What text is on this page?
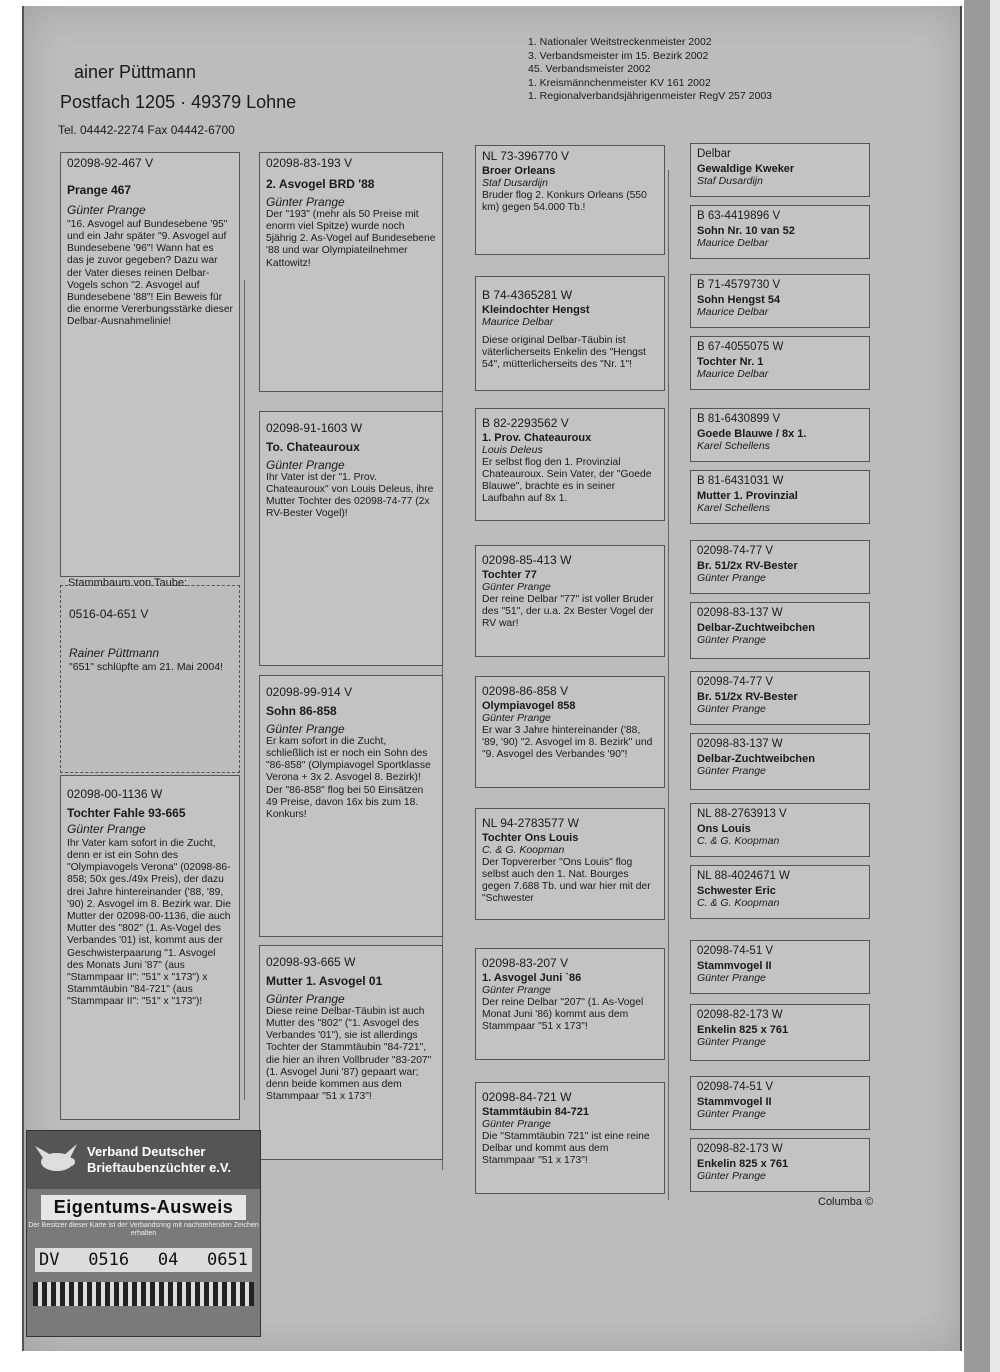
ainer Püttmann
Postfach 1205 · 49379 Lohne
Tel. 04442-2274 Fax 04442-6700
1. Nationaler Weitstreckenmeister 2002
3. Verbandsmeister im 15. Bezirk 2002
45. Verbandsmeister 2002
1. Kreismännchenmeister KV 161 2002
1. Regionalverbandsjährigenmeister RegV 257 2003
02098-92-467 V
Prange 467
Günter Prange
"16. Asvogel auf Bundesebene '95" und ein Jahr später "9. Asvogel auf Bundesebene '96"! Wann hat es das je zuvor gegeben? Dazu war der Vater dieses reinen Delbar-Vogels schon "2. Asvogel auf Bundesebene '88"! Ein Beweis für die enorme Vererbungsstärke dieser Delbar-Ausnahmelinie!
Stammbaum von Taube:
0516-04-651 V
Rainer Püttmann
"651" schlüpfte am 21. Mai 2004!
02098-00-1136 W
Tochter Fahle 93-665
Günter Prange
Ihr Vater kam sofort in die Zucht, denn er ist ein Sohn des "Olympiavogels Verona" (02098-86-858; 50x ges./49x Preis), der dazu drei Jahre hintereinander ('88, '89, '90) 2. Asvogel im 8. Bezirk war. Die Mutter der 02098-00-1136, die auch Mutter des "802" (1. As-Vogel des Verbandes '01) ist, kommt aus der Geschwisterpaarung "1. Asvogel des Monats Juni '87" (aus "Stammpaar II": "51" x "173") x Stammtäubin "84-721" (aus "Stammpaar II": "51" x "173")!
02098-83-193 V
2. Asvogel BRD '88
Günter Prange
Der "193" (mehr als 50 Preise mit enorm viel Spitze) wurde noch 5jährig 2. As-Vogel auf Bundesebene '88 und war Olympiateilnehmer Kattowitz!
02098-91-1603 W
To. Chateauroux
Günter Prange
Ihr Vater ist der "1. Prov. Chateauroux" von Louis Deleus, ihre Mutter Tochter des 02098-74-77 (2x RV-Bester Vogel)!
02098-99-914 V
Sohn 86-858
Günter Prange
Er kam sofort in die Zucht, schließlich ist er noch ein Sohn des "86-858" (Olympiavogel Sportklasse Verona + 3x 2. Asvogel 8. Bezirk)! Der "86-858" flog bei 50 Einsätzen 49 Preise, davon 16x bis zum 18. Konkurs!
02098-93-665 W
Mutter 1. Asvogel 01
Günter Prange
Diese reine Delbar-Täubin ist auch Mutter des "802" ("1. Asvogel des Verbandes '01"), sie ist allerdings Tochter der Stammtäubin "84-721", die hier an ihren Vollbruder "83-207" (1. Asvogel Juni '87) gepaart war; denn beide kommen aus dem Stammpaar "51 x 173"!
NL 73-396770 V
Broer Orleans
Staf Dusardijn
Bruder flog 2. Konkurs Orleans (550 km) gegen 54.000 Tb.!
B 74-4365281 W
Kleindochter Hengst
Maurice Delbar
Diese original Delbar-Täubin ist väterlicherseits Enkelin des "Hengst 54", mütterlicherseits des "Nr. 1"!
B 82-2293562 V
1. Prov. Chateauroux
Louis Deleus
Er selbst flog den 1. Provinzial Chateauroux. Sein Vater, der "Goede Blauwe", brachte es in seiner Laufbahn auf 8x 1.
02098-85-413 W
Tochter 77
Günter Prange
Der reine Delbar "77" ist voller Bruder des "51", der u.a. 2x Bester Vogel der RV war!
02098-86-858 V
Olympiavogel 858
Günter Prange
Er war 3 Jahre hintereinander ('88, '89, '90) "2. Asvogel im 8. Bezirk" und "9. Asvogel des Verbandes '90"!
NL 94-2783577 W
Tochter Ons Louis
C. & G. Koopman
Der Topvererber "Ons Louis" flog selbst auch den 1. Nat. Bourges gegen 7.688 Tb. und war hier mit der "Schwester
02098-83-207 V
1. Asvogel Juni `86
Günter Prange
Der reine Delbar "207" (1. As-Vogel Monat Juni '86) kommt aus dem Stammpaar "51 x 173"!
02098-84-721 W
Stammtäubin 84-721
Günter Prange
Die "Stammtäubin 721" ist eine reine Delbar und kommt aus dem Stammpaar "51 x 173"!
Delbar
Gewaldige Kweker
Staf Dusardijn
B 63-4419896 V
Sohn Nr. 10 van 52
Maurice Delbar
B 71-4579730 V
Sohn Hengst 54
Maurice Delbar
B 67-4055075 W
Tochter Nr. 1
Maurice Delbar
B 81-6430899 V
Goede Blauwe / 8x 1.
Karel Schellens
B 81-6431031 W
Mutter 1. Provinzial
Karel Schellens
02098-74-77 V
Br. 51/2x RV-Bester
Günter Prange
02098-83-137 W
Delbar-Zuchtweibchen
Günter Prange
02098-74-77 V
Br. 51/2x RV-Bester
Günter Prange
02098-83-137 W
Delbar-Zuchtweibchen
Günter Prange
NL 88-2763913 V
Ons Louis
C. & G. Koopman
NL 88-4024671 W
Schwester Eric
C. & G. Koopman
02098-74-51 V
Stammvogel II
Günter Prange
02098-82-173 W
Enkelin 825 x 761
Günter Prange
02098-74-51 V
Stammvogel II
Günter Prange
02098-82-173 W
Enkelin 825 x 761
Günter Prange
Verband Deutscher
Brieftaubenzüchter e.V.
Eigentums-Ausweis
Der Besitzer dieser Karte ist der Verbandsring mit nachstehenden Zeichen erhalten
DV 0516 04 0651
Columba ©
